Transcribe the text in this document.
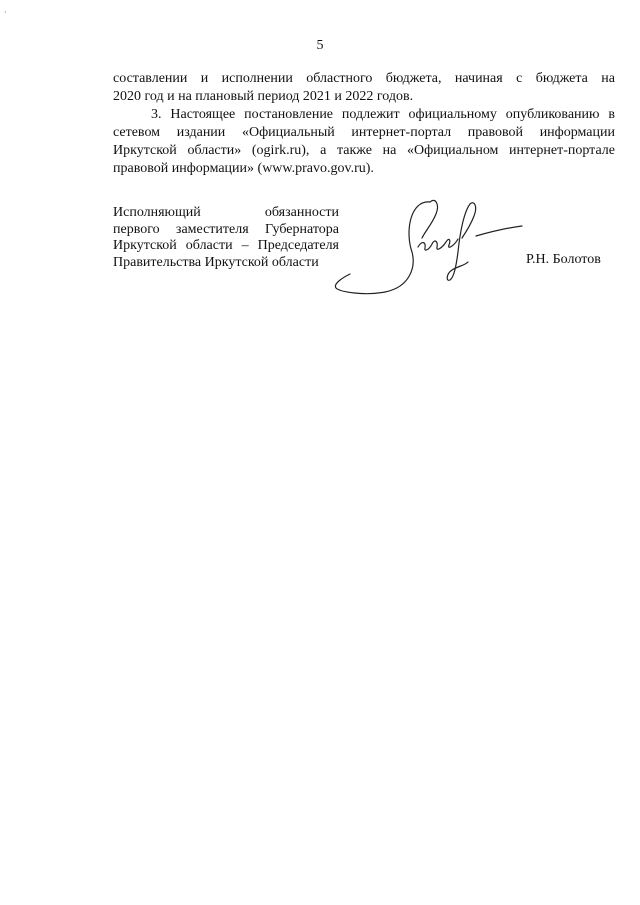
·
5
составлении и исполнении областного бюджета, начиная с бюджета на
2020 год и на плановый период 2021 и 2022 годов.
3. Настоящее постановление подлежит официальному опубликованию в
сетевом издании «Официальный интернет-портал правовой информации
Иркутской области» (ogirk.ru), а также на «Официальном интернет-портале
правовой информации» (www.pravo.gov.ru).
Исполняющий обязанности
первого заместителя Губернатора
Иркутской области – Председателя
Правительства Иркутской области	Р.Н. Болотов
